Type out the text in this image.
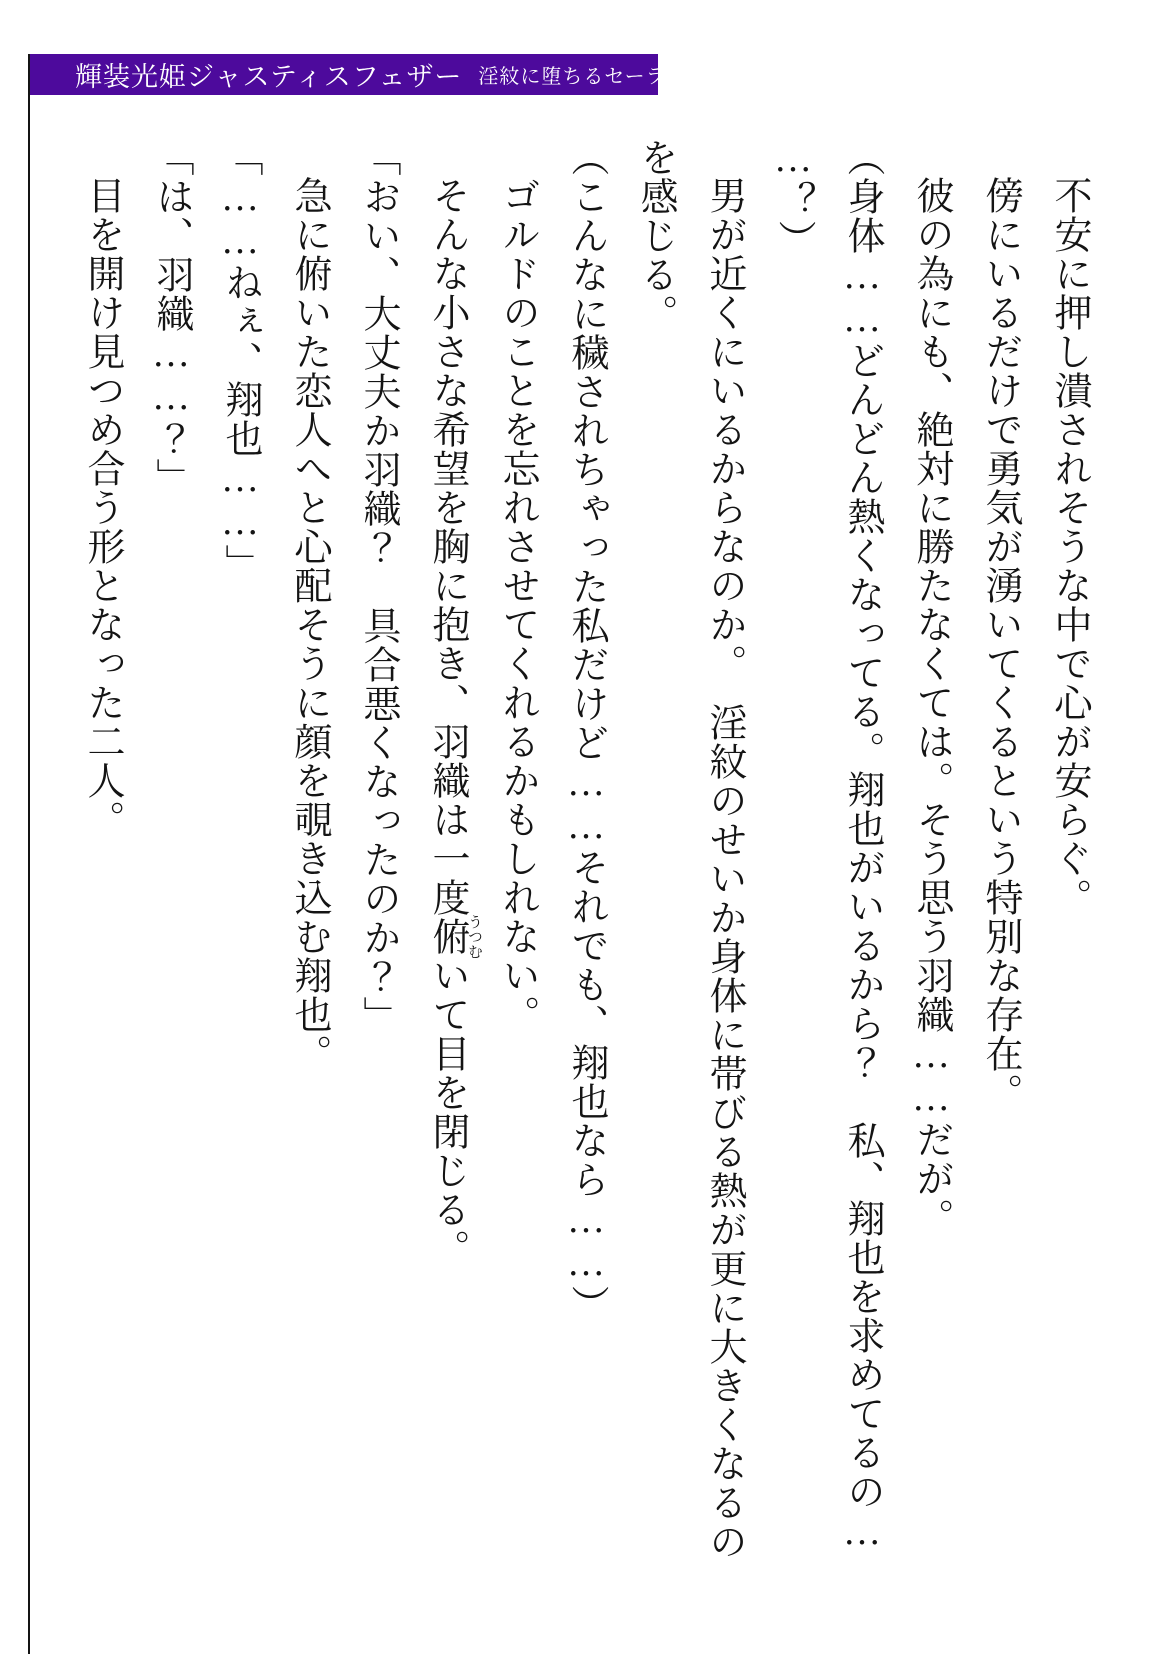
輝装光姫ジャスティスフェザー 淫紋に堕ちるセーラーヒロイン

不安に押し潰されそうな中で心が安らぐ。

傍にいるだけで勇気が湧いてくるという特別な存在。

彼の為にも、絶対に勝たなくては。そう思う羽織……だが。

（身体……どんどん熱くなってる。翔也がいるから？　私、翔也を求めてるの…

…？）

男が近くにいるからなのか。　淫紋のせいか身体に帯びる熱が更に大きくなるの

を感じる。

（こんなに穢されちゃった私だけど……それでも、翔也なら……）

ゴルドのことを忘れさせてくれるかもしれない。

そんな小さな希望を胸に抱き、羽織は一度俯うつむいて目を閉じる。

「おい、大丈夫か羽織？　具合悪くなったのか？」

急に俯いた恋人へと心配そうに顔を覗き込む翔也。

「……ねぇ、翔也……」

「は、羽織……？」

目を開け見つめ合う形となった二人。
